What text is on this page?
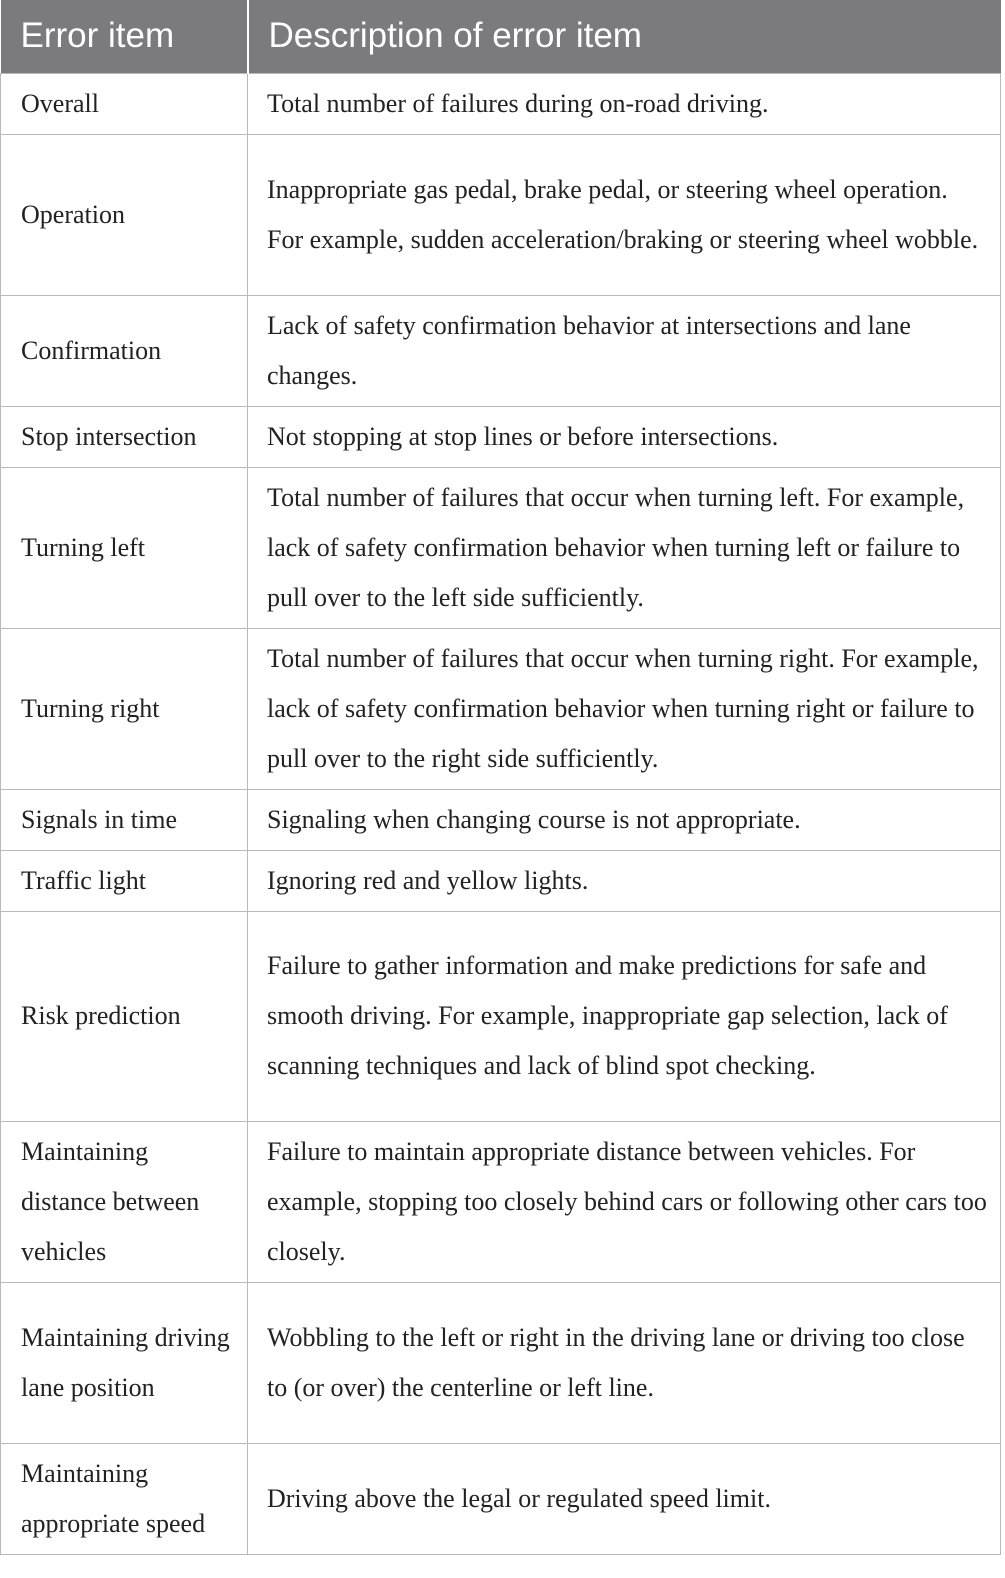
Error item	Description of error item
Overall	Total number of failures during on-road driving.
Operation	Inappropriate gas pedal, brake pedal, or steering wheel operation. For example, sudden acceleration/braking or steering wheel wobble.
Confirmation	Lack of safety confirmation behavior at intersections and lane changes.
Stop intersection	Not stopping at stop lines or before intersections.
Turning left	Total number of failures that occur when turning left. For example, lack of safety confirmation behavior when turning left or failure to pull over to the left side sufficiently.
Turning right	Total number of failures that occur when turning right. For example, lack of safety confirmation behavior when turning right or failure to pull over to the right side sufficiently.
Signals in time	Signaling when changing course is not appropriate.
Traffic light	Ignoring red and yellow lights.
Risk prediction	Failure to gather information and make predictions for safe and smooth driving. For example, inappropriate gap selection, lack of scanning techniques and lack of blind spot checking.
Maintaining distance between vehicles	Failure to maintain appropriate distance between vehicles. For example, stopping too closely behind cars or following other cars too closely.
Maintaining driving lane position	Wobbling to the left or right in the driving lane or driving too close to (or over) the centerline or left line.
Maintaining appropriate speed	Driving above the legal or regulated speed limit.
